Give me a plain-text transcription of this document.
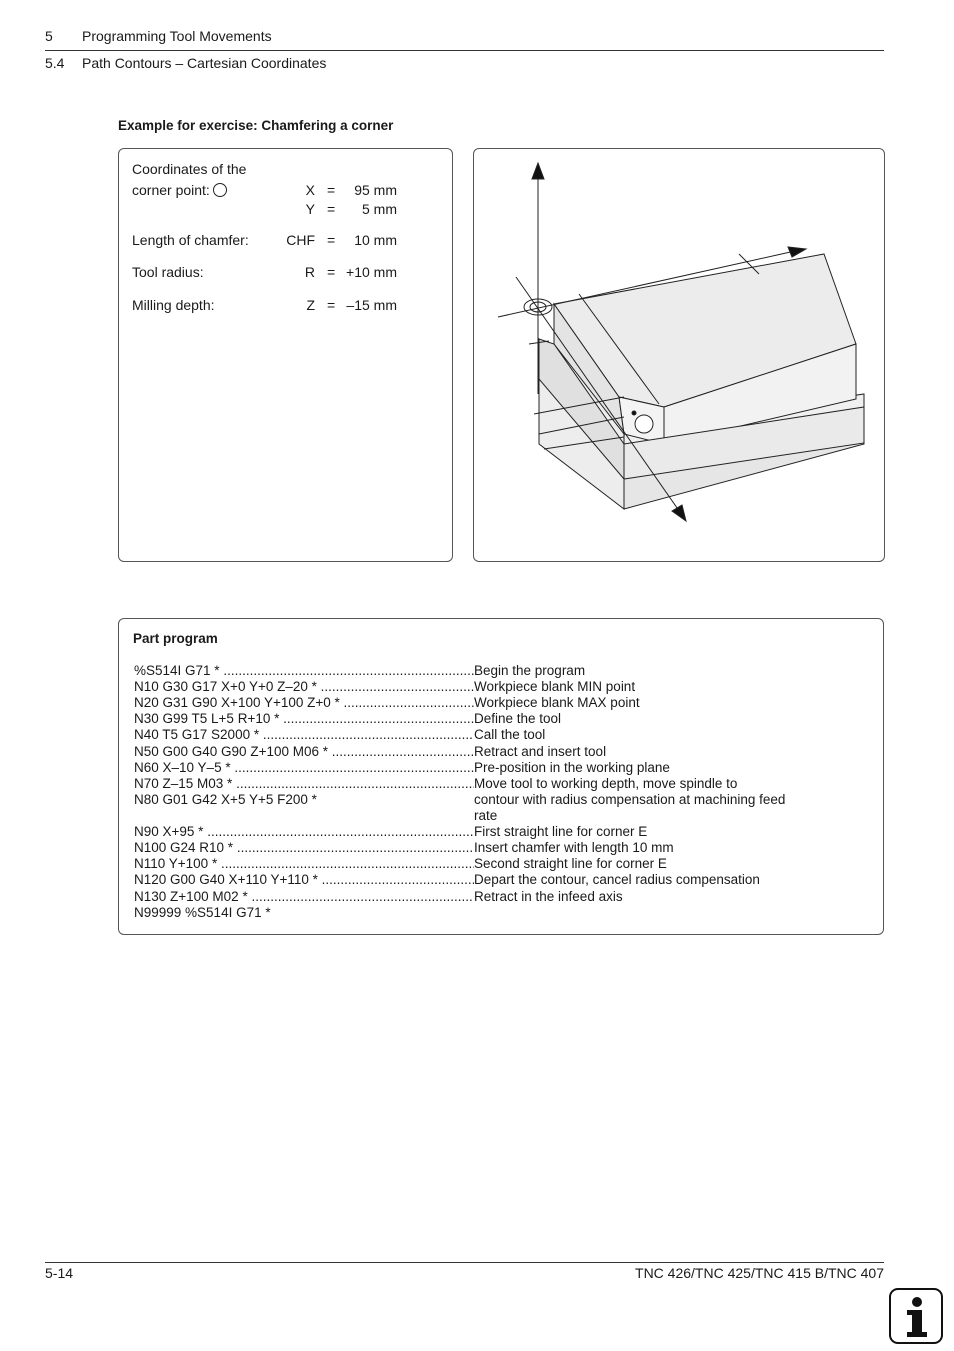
5 Programming Tool Movements
5.4 Path Contours – Cartesian Coordinates
Example for exercise: Chamfering a corner
Coordinates of the
corner point:	X =	95 mm
Y =	5 mm
Length of chamfer:	CHF =	10 mm
Tool radius:	R = +10 mm
Milling depth:	Z = –15 mm
Part program
%S514I G71 * .....	Begin the program
N10 G30 G17 X+0 Y+0 Z–20 * .....	Workpiece blank MIN point
N20 G31 G90 X+100 Y+100 Z+0 * .....	Workpiece blank MAX point
N30 G99 T5 L+5 R+10 * .....	Define the tool
N40 T5 G17 S2000 * .....	Call the tool
N50 G00 G40 G90 Z+100 M06 * .....	Retract and insert tool
N60 X–10 Y–5 * .....	Pre-position in the working plane
N70 Z–15 M03 * .....	Move tool to working depth, move spindle to
N80 G01 G42 X+5 Y+5 F200 *	contour with radius compensation at machining feed rate
N90 X+95 * .....	First straight line for corner E
N100 G24 R10 * .....	Insert chamfer with length 10 mm
N110 Y+100 * .....	Second straight line for corner E
N120 G00 G40 X+110 Y+110 * .....	Depart the contour, cancel radius compensation
N130 Z+100 M02 * .....	Retract in the infeed axis
N99999 %S514I G71 *
5-14	TNC 426/TNC 425/TNC 415 B/TNC 407
